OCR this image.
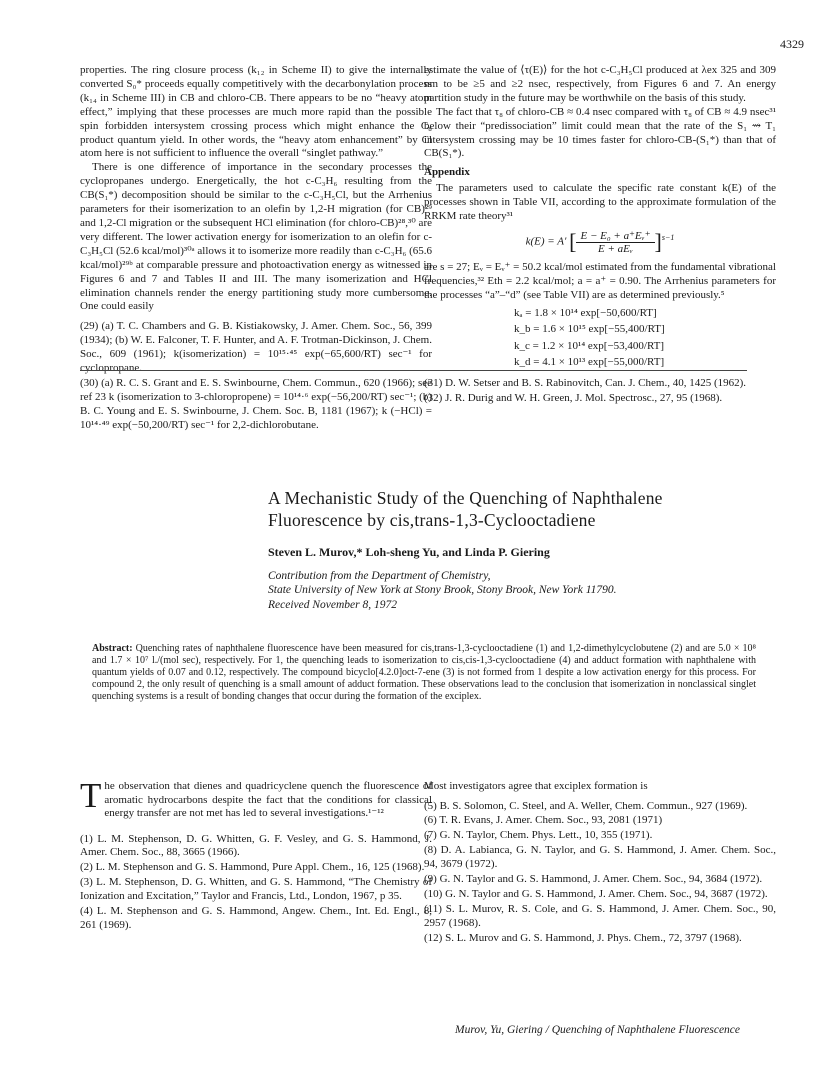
4329

properties. The ring closure process (k₁₂ in Scheme II) to give the internally converted S₀* proceeds equally competitively with the decarbonylation process (k₁₄ in Scheme III) in CB and chloro-CB. There appears to be no “heavy atom effect,” implying that these processes are much more rapid than the possible spin forbidden intersystem crossing process which might enhance the C₈ product quantum yield. In other words, the “heavy atom enhancement” by Cl atom here is not sufficient to influence the overall “singlet pathway.”

There is one difference of importance in the secondary processes the cyclopropanes undergo. Energetically, the hot c-C₃H₆ resulting from the CB(S₁*) decomposition should be similar to the c-C₃H₅Cl, but the Arrhenius parameters for their isomerization to an olefin by 1,2-H migration (for CB)²⁹ and 1,2-Cl migration or the subsequent HCl elimination (for chloro-CB)²⁸,³⁰ are very different. The lower activation energy for isomerization to an olefin for c-C₃H₅Cl (52.6 kcal/mol)³⁰ᵃ allows it to isomerize more readily than c-C₃H₆ (65.6 kcal/mol)²⁹ᵇ at comparable pressure and photoactivation energy as witnessed in Figures 6 and 7 and Tables II and III. The many isomerization and HCl elimination channels render the energy partitioning study more cumbersome. One could easily

(29) (a) T. C. Chambers and G. B. Kistiakowsky, J. Amer. Chem. Soc., 56, 399 (1934); (b) W. E. Falconer, T. F. Hunter, and A. F. Trotman-Dickinson, J. Chem. Soc., 609 (1961); k(isomerization) = 10¹⁵·⁴⁵ exp(−65,600/RT) sec⁻¹ for cyclopropane.

(30) (a) R. C. S. Grant and E. S. Swinbourne, Chem. Commun., 620 (1966); see ref 23 k (isomerization to 3-chloropropene) = 10¹⁴·⁶ exp(−56,200/RT) sec⁻¹; (b) B. C. Young and E. S. Swinbourne, J. Chem. Soc. B, 1181 (1967); k (−HCl) = 10¹⁴·⁴⁹ exp(−50,200/RT) sec⁻¹ for 2,2-dichlorobutane.

estimate the value of ⟨τ(E)⟩ for the hot c-C₃H₅Cl produced at λex 325 and 309 nm to be ≥5 and ≥2 nsec, respectively, from Figures 6 and 7. An energy partition study in the future may be worthwhile on the basis of this study.

The fact that τ₈ of chloro-CB ≈ 0.4 nsec compared with τ₈ of CB ≈ 4.9 nsec³¹ below their “predissociation” limit could mean that the rate of the S₁ ⇝ T₁ intersystem crossing may be 10 times faster for chloro-CB-(S₁*) than that of CB(S₁*).

Appendix

The parameters used to calculate the specific rate constant k(E) of the processes shown in Table VII, according to the approximate formulation of the RRKM rate theory³¹

k(E) = A′ [ $\frac{\text{E − E₀ + a⁺Eᵥ⁺}}{\text{E + aEᵥ}} ]^{s-1}$

are s = 27; Eᵥ = Eᵥ⁺ = 50.2 kcal/mol estimated from the fundamental vibrational frequencies,³² Eth = 2.2 kcal/mol; a = a⁺ = 0.90. The Arrhenius parameters for the processes “a”–“d” (see Table VII) are as determined previously.⁵

kₐ = 1.8 × 10¹⁴ exp[−50,600/RT]
k_b = 1.6 × 10¹⁵ exp[−55,400/RT]
k_c = 1.2 × 10¹⁴ exp[−53,400/RT]
k_d = 4.1 × 10¹³ exp[−55,000/RT]

(31) D. W. Setser and B. S. Rabinovitch, Can. J. Chem., 40, 1425 (1962).

(32) J. R. Durig and W. H. Green, J. Mol. Spectrosc., 27, 95 (1968).

A Mechanistic Study of the Quenching of Naphthalene
Fluorescence by cis,trans-1,3-Cyclooctadiene
Steven L. Murov,* Loh-sheng Yu, and Linda P. Giering
Contribution from the Department of Chemistry,
State University of New York at Stony Brook, Stony Brook, New York 11790.
Received November 8, 1972
Abstract: Quenching rates of naphthalene fluorescence have been measured for cis,trans-1,3-cyclooctadiene (1) and 1,2-dimethylcyclobutene (2) and are 5.0 × 10⁸ and 1.7 × 10⁷ l./(mol sec), respectively. For 1, the quenching leads to isomerization to cis,cis-1,3-cyclooctadiene (4) and adduct formation with naphthalene with quantum yields of 0.07 and 0.12, respectively. The compound bicyclo[4.2.0]oct-7-ene (3) is not formed from 1 despite a low activation energy for this process. For compound 2, the only result of quenching is a small amount of adduct formation. These observations lead to the conclusion that isomerization in nonclassical singlet quenching systems is a result of bonding changes that occur during the formation of the exciplex.

The observation that dienes and quadricyclene quench the fluorescence of aromatic hydrocarbons despite the fact that the conditions for classical energy transfer are not met has led to several investigations.¹⁻¹²

(1) L. M. Stephenson, D. G. Whitten, G. F. Vesley, and G. S. Hammond, J. Amer. Chem. Soc., 88, 3665 (1966).

(2) L. M. Stephenson and G. S. Hammond, Pure Appl. Chem., 16, 125 (1968).

(3) L. M. Stephenson, D. G. Whitten, and G. S. Hammond, “The Chemistry of Ionization and Excitation,” Taylor and Francis, Ltd., London, 1967, p 35.

(4) L. M. Stephenson and G. S. Hammond, Angew. Chem., Int. Ed. Engl., 8, 261 (1969).

Most investigators agree that exciplex formation is

(5) B. S. Solomon, C. Steel, and A. Weller, Chem. Commun., 927 (1969).

(6) T. R. Evans, J. Amer. Chem. Soc., 93, 2081 (1971)

(7) G. N. Taylor, Chem. Phys. Lett., 10, 355 (1971).

(8) D. A. Labianca, G. N. Taylor, and G. S. Hammond, J. Amer. Chem. Soc., 94, 3679 (1972).

(9) G. N. Taylor and G. S. Hammond, J. Amer. Chem. Soc., 94, 3684 (1972).

(10) G. N. Taylor and G. S. Hammond, J. Amer. Chem. Soc., 94, 3687 (1972).

(11) S. L. Murov, R. S. Cole, and G. S. Hammond, J. Amer. Chem. Soc., 90, 2957 (1968).

(12) S. L. Murov and G. S. Hammond, J. Phys. Chem., 72, 3797 (1968).

Murov, Yu, Giering / Quenching of Naphthalene Fluorescence
